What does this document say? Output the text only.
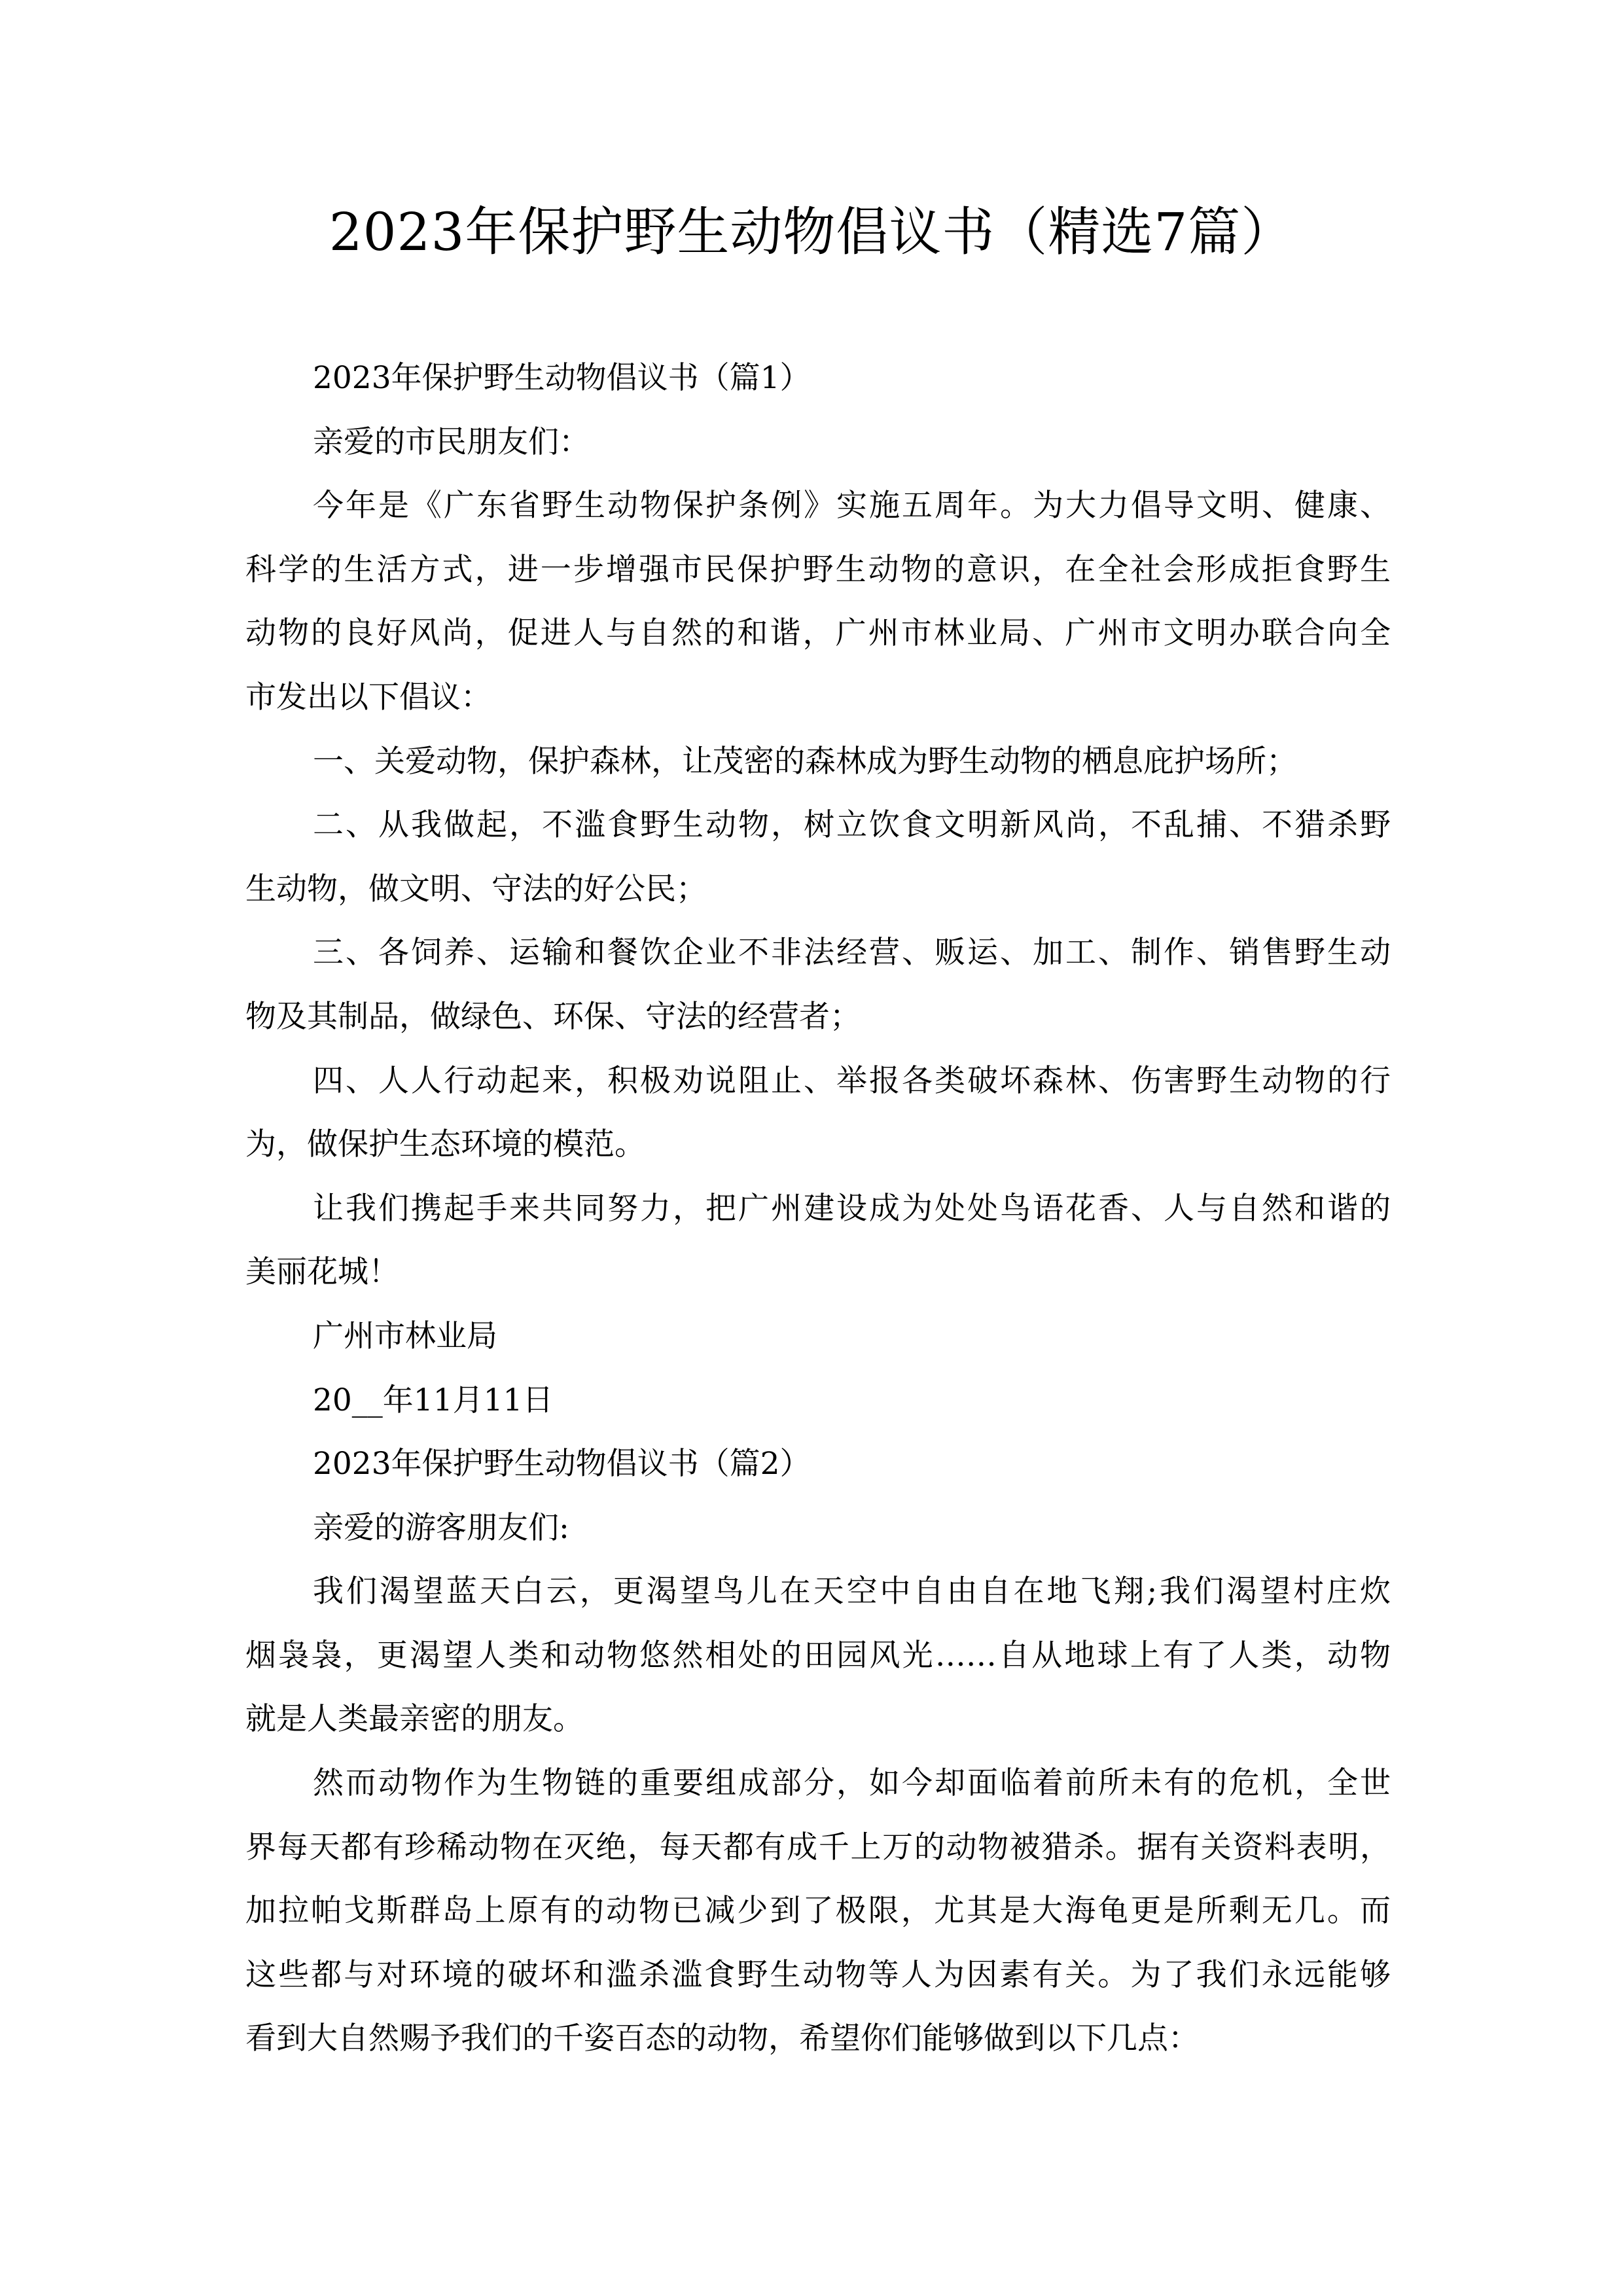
2023年保护野生动物倡议书（精选7篇）
2023年保护野生动物倡议书（篇1）
亲爱的市民朋友们：
今年是《广东省野生动物保护条例》实施五周年。为大力倡导文明、健康、
科学的生活方式，进一步增强市民保护野生动物的意识，在全社会形成拒食野生
动物的良好风尚，促进人与自然的和谐，广州市林业局、广州市文明办联合向全
市发出以下倡议：
一、关爱动物，保护森林，让茂密的森林成为野生动物的栖息庇护场所；
二、从我做起，不滥食野生动物，树立饮食文明新风尚，不乱捕、不猎杀野
生动物，做文明、守法的好公民；
三、各饲养、运输和餐饮企业不非法经营、贩运、加工、制作、销售野生动
物及其制品，做绿色、环保、守法的经营者；
四、人人行动起来，积极劝说阻止、举报各类破坏森林、伤害野生动物的行
为，做保护生态环境的模范。
让我们携起手来共同努力，把广州建设成为处处鸟语花香、人与自然和谐的
美丽花城！
广州市林业局
20__年11月11日
2023年保护野生动物倡议书（篇2）
亲爱的游客朋友们:
我们渴望蓝天白云，更渴望鸟儿在天空中自由自在地飞翔;我们渴望村庄炊
烟袅袅，更渴望人类和动物悠然相处的田园风光……自从地球上有了人类，动物
就是人类最亲密的朋友。
然而动物作为生物链的重要组成部分，如今却面临着前所未有的危机，全世
界每天都有珍稀动物在灭绝，每天都有成千上万的动物被猎杀。据有关资料表明，
加拉帕戈斯群岛上原有的动物已减少到了极限，尤其是大海龟更是所剩无几。而
这些都与对环境的破坏和滥杀滥食野生动物等人为因素有关。为了我们永远能够
看到大自然赐予我们的千姿百态的动物，希望你们能够做到以下几点：
